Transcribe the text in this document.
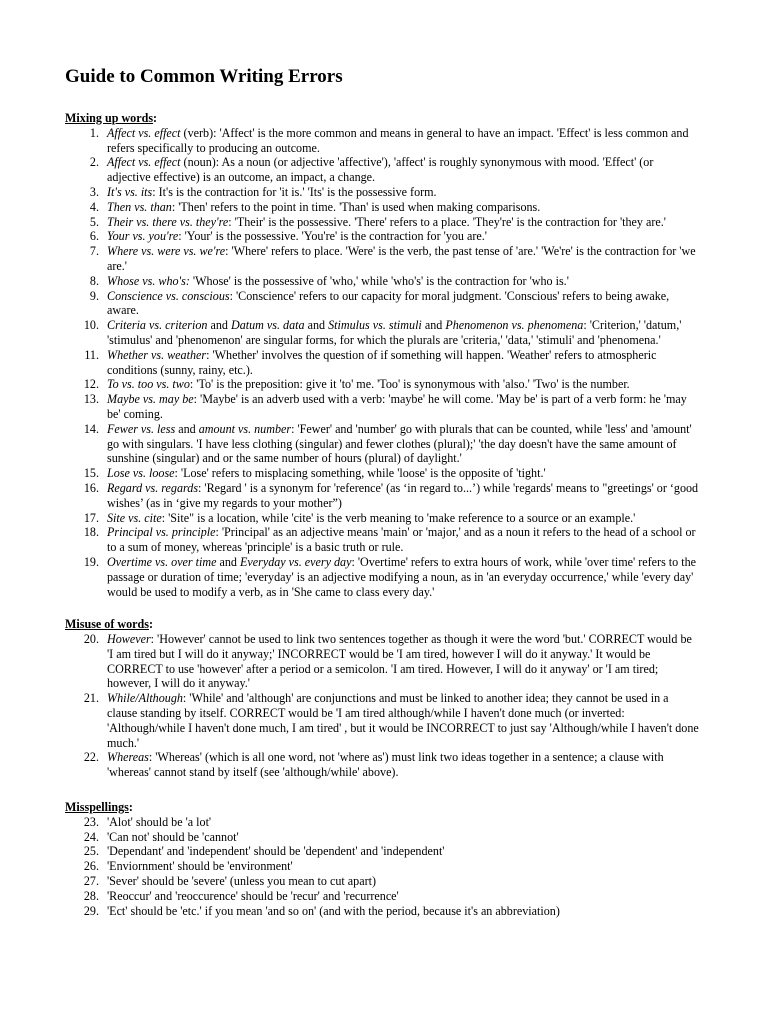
Guide to Common Writing Errors

Mixing up words:

1. Affect vs. effect (verb): 'Affect' is the more common and means in general to have an impact. 'Effect' is less common and refers specifically to producing an outcome.
2. Affect vs. effect (noun): As a noun (or adjective 'affective'), 'affect' is roughly synonymous with mood. 'Effect' (or adjective effective) is an outcome, an impact, a change.
3. It's vs. its: It's is the contraction for 'it is.' 'Its' is the possessive form.
4. Then vs. than: 'Then' refers to the point in time. 'Than' is used when making comparisons.
5. Their vs. there vs. they're: 'Their' is the possessive. 'There' refers to a place. 'They're' is the contraction for 'they are.'
6. Your vs. you're: 'Your' is the possessive. 'You're' is the contraction for 'you are.'
7. Where vs. were vs. we're: 'Where' refers to place. 'Were' is the verb, the past tense of 'are.' 'We're' is the contraction for 'we are.'
8. Whose vs. who's: 'Whose' is the possessive of 'who,' while 'who's' is the contraction for 'who is.'
9. Conscience vs. conscious: 'Conscience' refers to our capacity for moral judgment. 'Conscious' refers to being awake, aware.
10. Criteria vs. criterion and Datum vs. data and Stimulus vs. stimuli and Phenomenon vs. phenomena: 'Criterion,' 'datum,' 'stimulus' and 'phenomenon' are singular forms, for which the plurals are 'criteria,' 'data,' 'stimuli' and 'phenomena.'
11. Whether vs. weather: 'Whether' involves the question of if something will happen. 'Weather' refers to atmospheric conditions (sunny, rainy, etc.).
12. To vs. too vs. two: 'To' is the preposition: give it 'to' me. 'Too' is synonymous with 'also.' 'Two' is the number.
13. Maybe vs. may be: 'Maybe' is an adverb used with a verb: 'maybe' he will come. 'May be' is part of a verb form: he 'may be' coming.
14. Fewer vs. less and amount vs. number: 'Fewer' and 'number' go with plurals that can be counted, while 'less' and 'amount' go with singulars. 'I have less clothing (singular) and fewer clothes (plural);' 'the day doesn't have the same amount of sunshine (singular) and or the same number of hours (plural) of daylight.'
15. Lose vs. loose: 'Lose' refers to misplacing something, while 'loose' is the opposite of 'tight.'
16. Regard vs. regards: 'Regard ' is a synonym for 'reference' (as ‘in regard to...’) while 'regards' means to "greetings' or ‘good wishes’ (as in ‘give my regards to your mother”)
17. Site vs. cite: 'Site" is a location, while 'cite' is the verb meaning to 'make reference to a source or an example.'
18. Principal vs. principle: 'Principal' as an adjective means 'main' or 'major,' and as a noun it refers to the head of a school or to a sum of money, whereas 'principle' is a basic truth or rule.
19. Overtime vs. over time and Everyday vs. every day: 'Overtime' refers to extra hours of work, while 'over time' refers to the passage or duration of time; 'everyday' is an adjective modifying a noun, as in 'an everyday occurrence,' while 'every day' would be used to modify a verb, as in 'She came to class every day.'

Misuse of words:

20. However: 'However' cannot be used to link two sentences together as though it were the word 'but.' CORRECT would be 'I am tired but I will do it anyway;' INCORRECT would be 'I am tired, however I will do it anyway.' It would be CORRECT to use 'however' after a period or a semicolon. 'I am tired. However, I will do it anyway' or 'I am tired; however, I will do it anyway.'
21. While/Although: 'While' and 'although' are conjunctions and must be linked to another idea; they cannot be used in a clause standing by itself. CORRECT would be 'I am tired although/while I haven't done much (or inverted: 'Although/while I haven't done much, I am tired' , but it would be INCORRECT to just say 'Although/while I haven't done much.'
22. Whereas: 'Whereas' (which is all one word, not 'where as') must link two ideas together in a sentence; a clause with 'whereas' cannot stand by itself (see 'although/while' above).

Misspellings:

23. 'Alot' should be 'a lot'
24. 'Can not' should be 'cannot'
25. 'Dependant' and 'independent' should be 'dependent' and 'independent'
26. 'Enviornment' should be 'environment'
27. 'Sever' should be 'severe' (unless you mean to cut apart)
28. 'Reoccur' and 'reoccurence' should be 'recur' and 'recurrence'
29. 'Ect' should be 'etc.' if you mean 'and so on' (and with the period, because it's an abbreviation)
